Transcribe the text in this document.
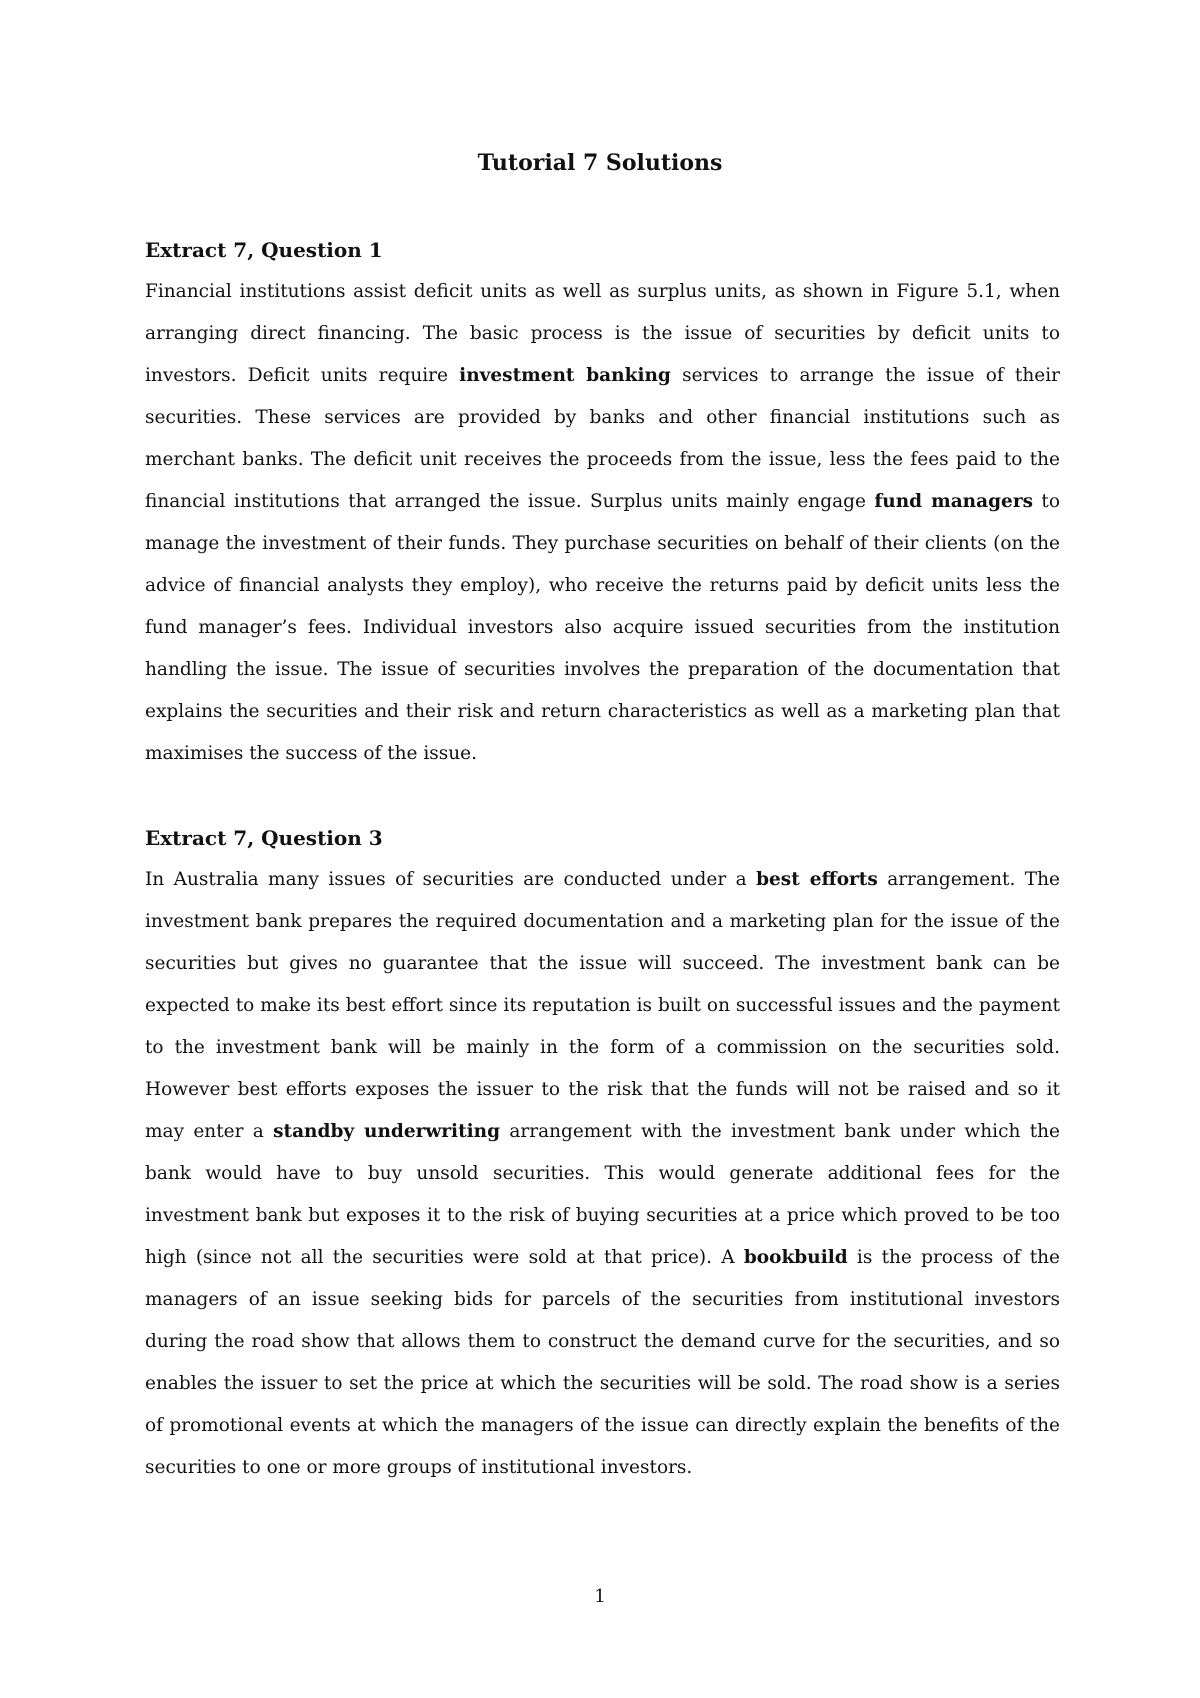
Tutorial 7 Solutions
Extract 7, Question 1

Financial institutions assist deficit units as well as surplus units, as shown in Figure 5.1, when arranging direct financing. The basic process is the issue of securities by deficit units to investors. Deficit units require investment banking services to arrange the issue of their securities. These services are provided by banks and other financial institutions such as merchant banks. The deficit unit receives the proceeds from the issue, less the fees paid to the financial institutions that arranged the issue. Surplus units mainly engage fund managers to manage the investment of their funds. They purchase securities on behalf of their clients (on the advice of financial analysts they employ), who receive the returns paid by deficit units less the fund manager’s fees. Individual investors also acquire issued securities from the institution handling the issue. The issue of securities involves the preparation of the documentation that explains the securities and their risk and return characteristics as well as a marketing plan that maximises the success of the issue.

Extract 7, Question 3

In Australia many issues of securities are conducted under a best efforts arrangement. The investment bank prepares the required documentation and a marketing plan for the issue of the securities but gives no guarantee that the issue will succeed. The investment bank can be expected to make its best effort since its reputation is built on successful issues and the payment to the investment bank will be mainly in the form of a commission on the securities sold. However best efforts exposes the issuer to the risk that the funds will not be raised and so it may enter a standby underwriting arrangement with the investment bank under which the bank would have to buy unsold securities. This would generate additional fees for the investment bank but exposes it to the risk of buying securities at a price which proved to be too high (since not all the securities were sold at that price). A bookbuild is the process of the managers of an issue seeking bids for parcels of the securities from institutional investors during the road show that allows them to construct the demand curve for the securities, and so enables the issuer to set the price at which the securities will be sold. The road show is a series of promotional events at which the managers of the issue can directly explain the benefits of the securities to one or more groups of institutional investors.

1
